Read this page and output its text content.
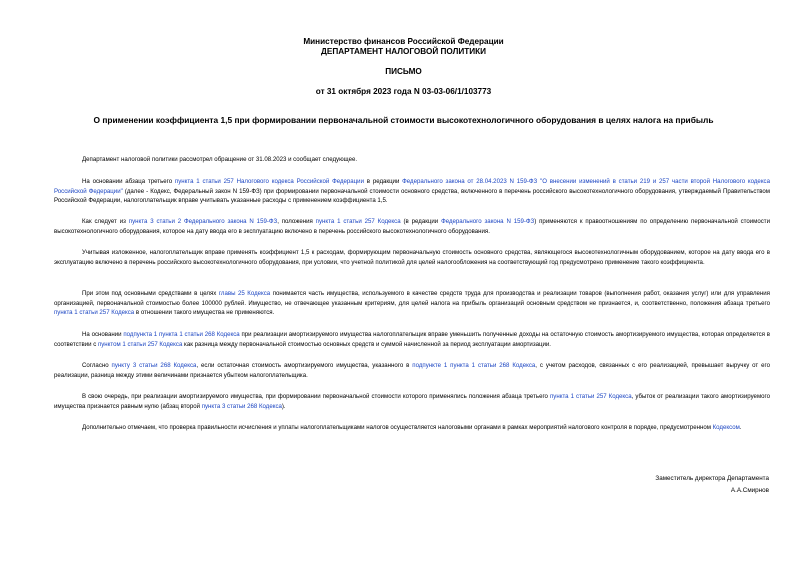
Министерство финансов Российской Федерации
ДЕПАРТАМЕНТ НАЛОГОВОЙ ПОЛИТИКИ
ПИСЬМО
от 31 октября 2023 года N 03-03-06/1/103773
О применении коэффициента 1,5 при формировании первоначальной стоимости высокотехнологичного оборудования в целях налога на прибыль
Департамент налоговой политики рассмотрел обращение от 31.08.2023 и сообщает следующее.
На основании абзаца третьего пункта 1 статьи 257 Налогового кодекса Российской Федерации в редакции Федерального закона от 28.04.2023 N 159-ФЗ "О внесении изменений в статьи 219 и 257 части второй Налогового кодекса Российской Федерации" (далее - Кодекс, Федеральный закон N 159-ФЗ) при формировании первоначальной стоимости основного средства, включенного в перечень российского высокотехнологичного оборудования, утверждаемый Правительством Российской Федерации, налогоплательщик вправе учитывать указанные расходы с применением коэффициента 1,5.
Как следует из пункта 3 статьи 2 Федерального закона N 159-ФЗ, положения пункта 1 статьи 257 Кодекса (в редакции Федерального закона N 159-ФЗ) применяются к правоотношениям по определению первоначальной стоимости высокотехнологичного оборудования, которое на дату ввода его в эксплуатацию включено в перечень российского высокотехнологичного оборудования.
Учитывая изложенное, налогоплательщик вправе применять коэффициент 1,5 к расходам, формирующим первоначальную стоимость основного средства, являющегося высокотехнологичным оборудованием, которое на дату ввода его в эксплуатацию включено в перечень российского высокотехнологичного оборудования, при условии, что учетной политикой для целей налогообложения на соответствующий год предусмотрено применение такого коэффициента.
При этом под основными средствами в целях главы 25 Кодекса понимается часть имущества, используемого в качестве средств труда для производства и реализации товаров (выполнения работ, оказания услуг) или для управления организацией, первоначальной стоимостью более 100000 рублей. Имущество, не отвечающее указанным критериям, для целей налога на прибыль организаций основным средством не признается, и, соответственно, положения абзаца третьего пункта 1 статьи 257 Кодекса в отношении такого имущества не применяются.
На основании подпункта 1 пункта 1 статьи 268 Кодекса при реализации амортизируемого имущества налогоплательщик вправе уменьшить полученные доходы на остаточную стоимость амортизируемого имущества, которая определяется в соответствии с пунктом 1 статьи 257 Кодекса как разница между первоначальной стоимостью основных средств и суммой начисленной за период эксплуатации амортизации.
Согласно пункту 3 статьи 268 Кодекса, если остаточная стоимость амортизируемого имущества, указанного в подпункте 1 пункта 1 статьи 268 Кодекса, с учетом расходов, связанных с его реализацией, превышает выручку от его реализации, разница между этими величинами признается убытком налогоплательщика.
В свою очередь, при реализации амортизируемого имущества, при формировании первоначальной стоимости которого применялись положения абзаца третьего пункта 1 статьи 257 Кодекса, убыток от реализации такого амортизируемого имущества признается равным нулю (абзац второй пункта 3 статьи 268 Кодекса).
Дополнительно отмечаем, что проверка правильности исчисления и уплаты налогоплательщиками налогов осуществляется налоговыми органами в рамках мероприятий налогового контроля в порядке, предусмотренном Кодексом.
Заместитель директора Департамента
А.А.Смирнов
